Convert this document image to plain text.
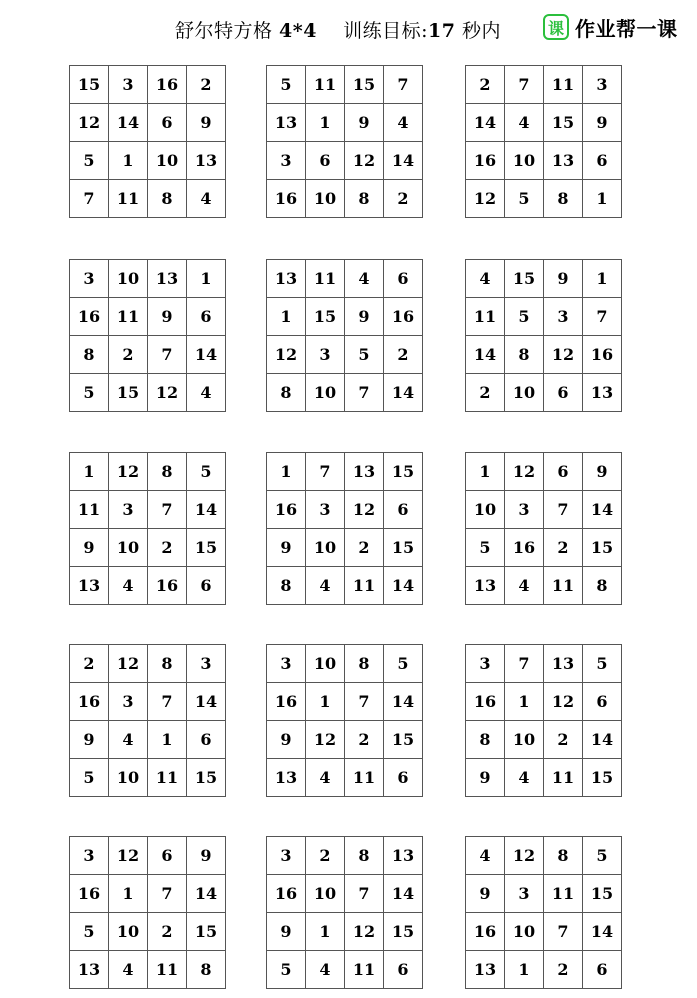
舒尔特方格 4*4 训练目标:17 秒内	课 作业帮一课
15	3	16	2
12	14	6	9
5	1	10	13
7	11	8	4
5	11	15	7
13	1	9	4
3	6	12	14
16	10	8	2
2	7	11	3
14	4	15	9
16	10	13	6
12	5	8	1
3	10	13	1
16	11	9	6
8	2	7	14
5	15	12	4
13	11	4	6
1	15	9	16
12	3	5	2
8	10	7	14
4	15	9	1
11	5	3	7
14	8	12	16
2	10	6	13
1	12	8	5
11	3	7	14
9	10	2	15
13	4	16	6
1	7	13	15
16	3	12	6
9	10	2	15
8	4	11	14
1	12	6	9
10	3	7	14
5	16	2	15
13	4	11	8
2	12	8	3
16	3	7	14
9	4	1	6
5	10	11	15
3	10	8	5
16	1	7	14
9	12	2	15
13	4	11	6
3	7	13	5
16	1	12	6
8	10	2	14
9	4	11	15
3	12	6	9
16	1	7	14
5	10	2	15
13	4	11	8
3	2	8	13
16	10	7	14
9	1	12	15
5	4	11	6
4	12	8	5
9	3	11	15
16	10	7	14
13	1	2	6
